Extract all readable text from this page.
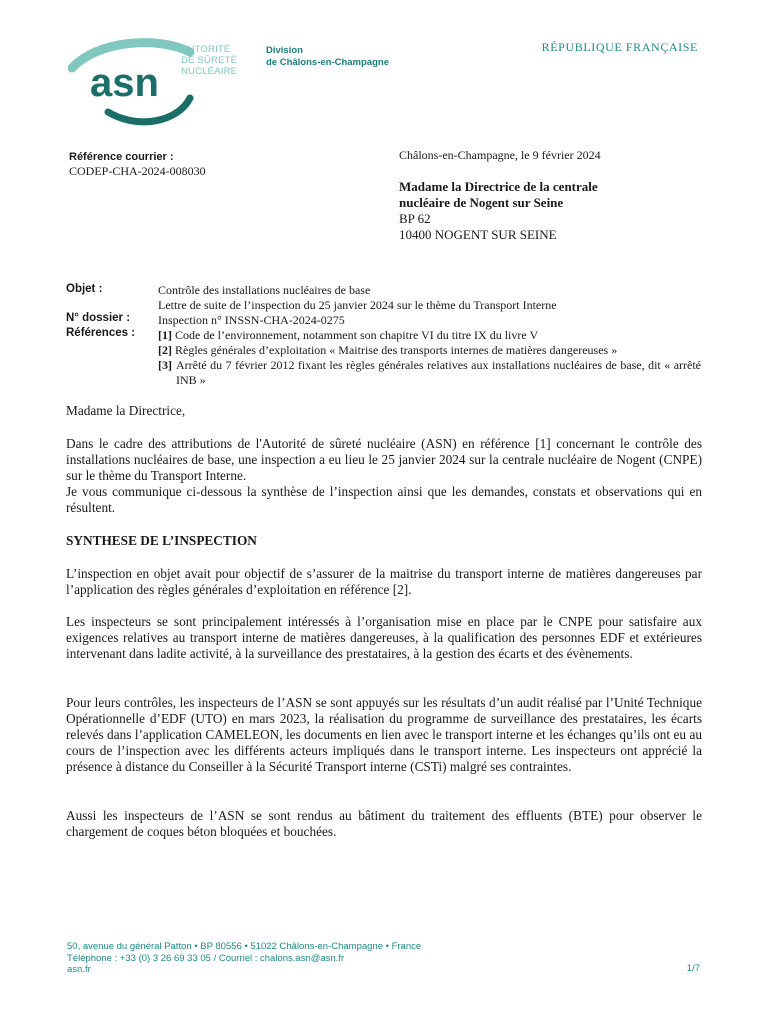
asn
AUTORITÉ
DE SÛRETÉ
NUCLÉAIRE
Division
de Châlons-en-Champagne
RÉPUBLIQUE FRANÇAISE
Référence courrier :
CODEP-CHA-2024-008030
Châlons-en-Champagne, le 9 février 2024
Madame la Directrice de la centrale
nucléaire de Nogent sur Seine
BP 62
10400 NOGENT SUR SEINE
Objet :	Contrôle des installations nucléaires de base
Lettre de suite de l’inspection du 25 janvier 2024 sur le thème du Transport Interne
N° dossier : Inspection n° INSSN-CHA-2024-0275
Références : [1] Code de l’environnement, notamment son chapitre VI du titre IX du livre V
[2] Règles générales d’exploitation « Maitrise des transports internes de matières dangereuses »
[3] Arrêté du 7 février 2012 fixant les règles générales relatives aux installations nucléaires de base, dit « arrêté INB »
Madame la Directrice,
Dans le cadre des attributions de l'Autorité de sûreté nucléaire (ASN) en référence [1] concernant le contrôle des installations nucléaires de base, une inspection a eu lieu le 25 janvier 2024 sur la centrale nucléaire de Nogent (CNPE) sur le thème du Transport Interne.
Je vous communique ci-dessous la synthèse de l’inspection ainsi que les demandes, constats et observations qui en résultent.
SYNTHESE DE L’INSPECTION
L’inspection en objet avait pour objectif de s’assurer de la maitrise du transport interne de matières dangereuses par l’application des règles générales d’exploitation en référence [2].
Les inspecteurs se sont principalement intéressés à l’organisation mise en place par le CNPE pour satisfaire aux exigences relatives au transport interne de matières dangereuses, à la qualification des personnes EDF et extérieures intervenant dans ladite activité, à la surveillance des prestataires, à la gestion des écarts et des évènements.
Pour leurs contrôles, les inspecteurs de l’ASN se sont appuyés sur les résultats d’un audit réalisé par l’Unité Technique Opérationnelle d’EDF (UTO) en mars 2023, la réalisation du programme de surveillance des prestataires, les écarts relevés dans l’application CAMELEON, les documents en lien avec le transport interne et les échanges qu’ils ont eu au cours de l’inspection avec les différents acteurs impliqués dans le transport interne. Les inspecteurs ont apprécié la présence à distance du Conseiller à la Sécurité Transport interne (CSTi) malgré ses contraintes.
Aussi les inspecteurs de l’ASN se sont rendus au bâtiment du traitement des effluents (BTE) pour observer le chargement de coques béton bloquées et bouchées.
50, avenue du général Patton • BP 80556 • 51022 Châlons-en-Champagne • France
Téléphone : +33 (0) 3 26 69 33 05 / Courriel : chalons.asn@asn.fr
asn.fr	1/7
